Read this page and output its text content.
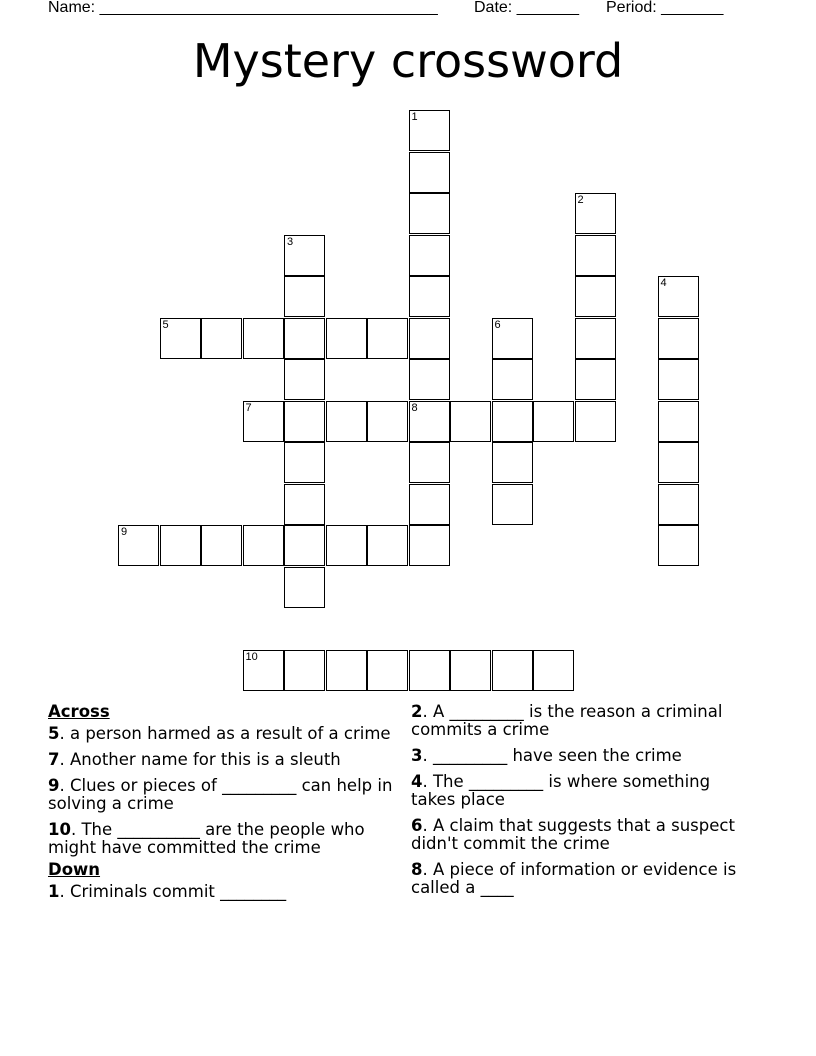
Name: ______________________________________ Date: _______ Period: _______
Mystery crossword
5
7	8
9
10
1
2
3
4
6
Across
5. a person harmed as a result of a crime
7. Another name for this is a sleuth
9. Clues or pieces of _________ can help in solving a crime
10. The __________ are the people who might have committed the crime
Down
1. Criminals commit ________
2. A _________ is the reason a criminal commits a crime
3. _________ have seen the crime
4. The _________ is where something takes place
6. A claim that suggests that a suspect didn't commit the crime
8. A piece of information or evidence is called a ____
